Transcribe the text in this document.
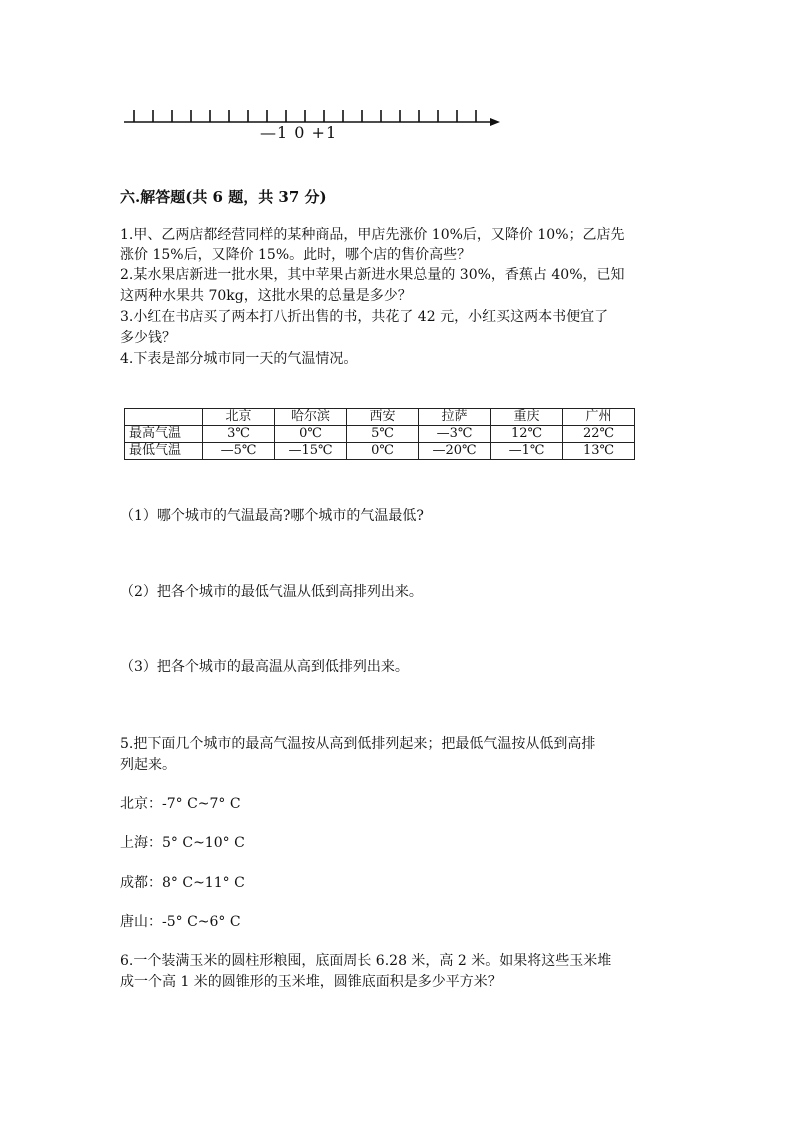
—1 0 +1
六.解答题(共 6 题，共 37 分)
1.甲、乙两店都经营同样的某种商品，甲店先涨价 10%后，又降价 10%；乙店先
涨价 15%后，又降价 15%。此时，哪个店的售价高些？
2.某水果店新进一批水果，其中苹果占新进水果总量的 30%，香蕉占 40%，已知
这两种水果共 70kg，这批水果的总量是多少？
3.小红在书店买了两本打八折出售的书，共花了 42 元，小红买这两本书便宜了
多少钱？
4.下表是部分城市同一天的气温情况。
	北京	哈尔滨	西安	拉萨	重庆	广州
最高气温	3℃	0℃	5℃	—3℃	12℃	22℃
最低气温	—5℃	—15℃	0℃	—20℃	—1℃	13℃
（1）哪个城市的气温最高?哪个城市的气温最低?
（2）把各个城市的最低气温从低到高排列出来。
（3）把各个城市的最高温从高到低排列出来。
5.把下面几个城市的最高气温按从高到低排列起来；把最低气温按从低到高排
列起来。
北京：-7° C~7° C
上海：5° C~10° C
成都：8° C~11° C
唐山：-5° C~6° C
6.一个装满玉米的圆柱形粮囤，底面周长 6.28 米，高 2 米。如果将这些玉米堆
成一个高 1 米的圆锥形的玉米堆，圆锥底面积是多少平方米？
